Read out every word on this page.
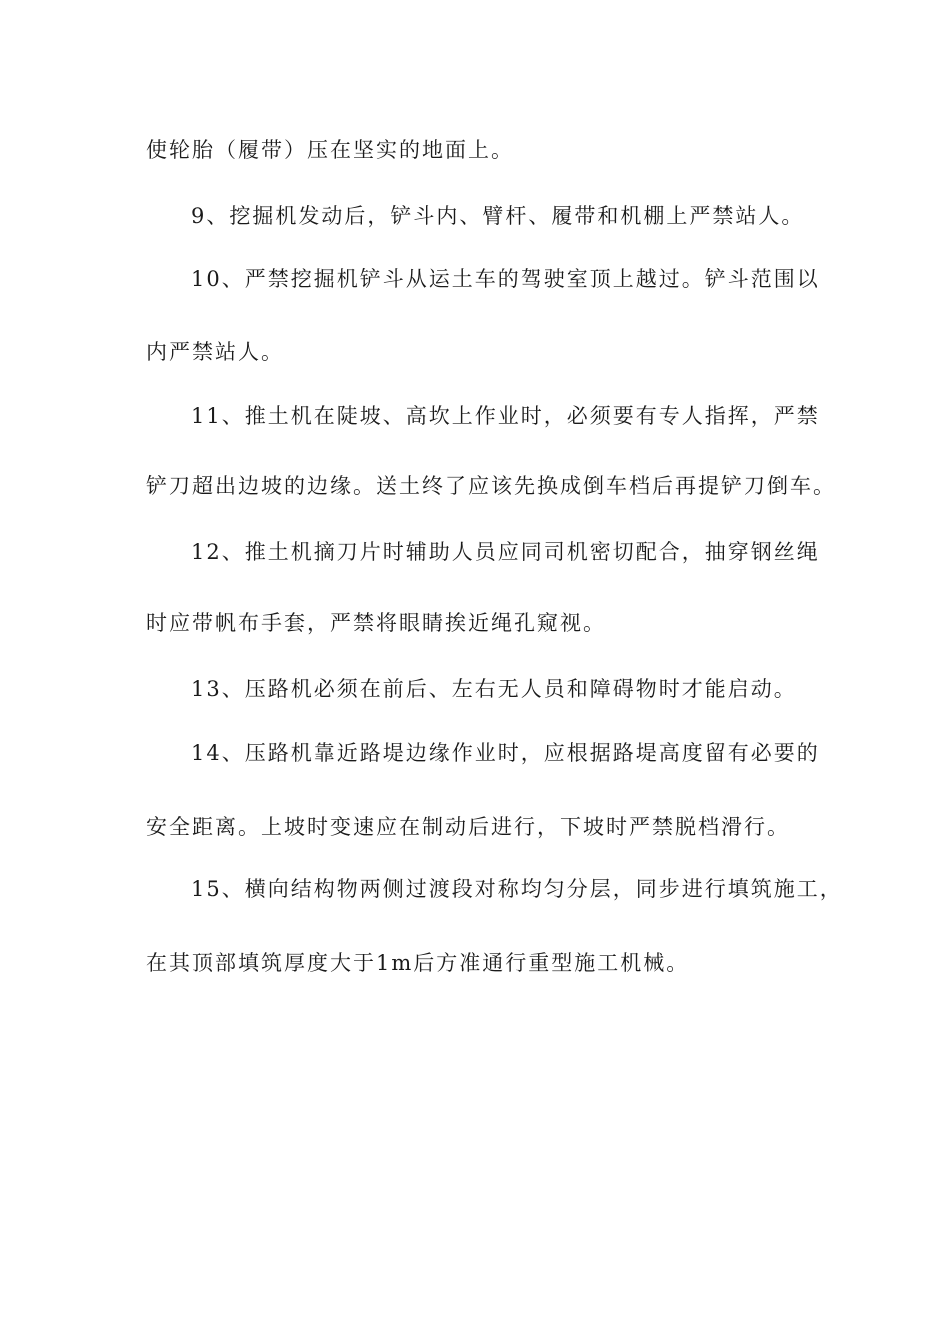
使轮胎（履带）压在坚实的地面上。
9、挖掘机发动后，铲斗内、臂杆、履带和机棚上严禁站人。
10、严禁挖掘机铲斗从运土车的驾驶室顶上越过。铲斗范围以
内严禁站人。
11、推土机在陡坡、高坎上作业时，必须要有专人指挥，严禁
铲刀超出边坡的边缘。送土终了应该先换成倒车档后再提铲刀倒车。
12、推土机摘刀片时辅助人员应同司机密切配合，抽穿钢丝绳
时应带帆布手套，严禁将眼睛挨近绳孔窥视。
13、压路机必须在前后、左右无人员和障碍物时才能启动。
14、压路机靠近路堤边缘作业时，应根据路堤高度留有必要的
安全距离。上坡时变速应在制动后进行，下坡时严禁脱档滑行。
15、横向结构物两侧过渡段对称均匀分层，同步进行填筑施工，
在其顶部填筑厚度大于1m后方准通行重型施工机械。
